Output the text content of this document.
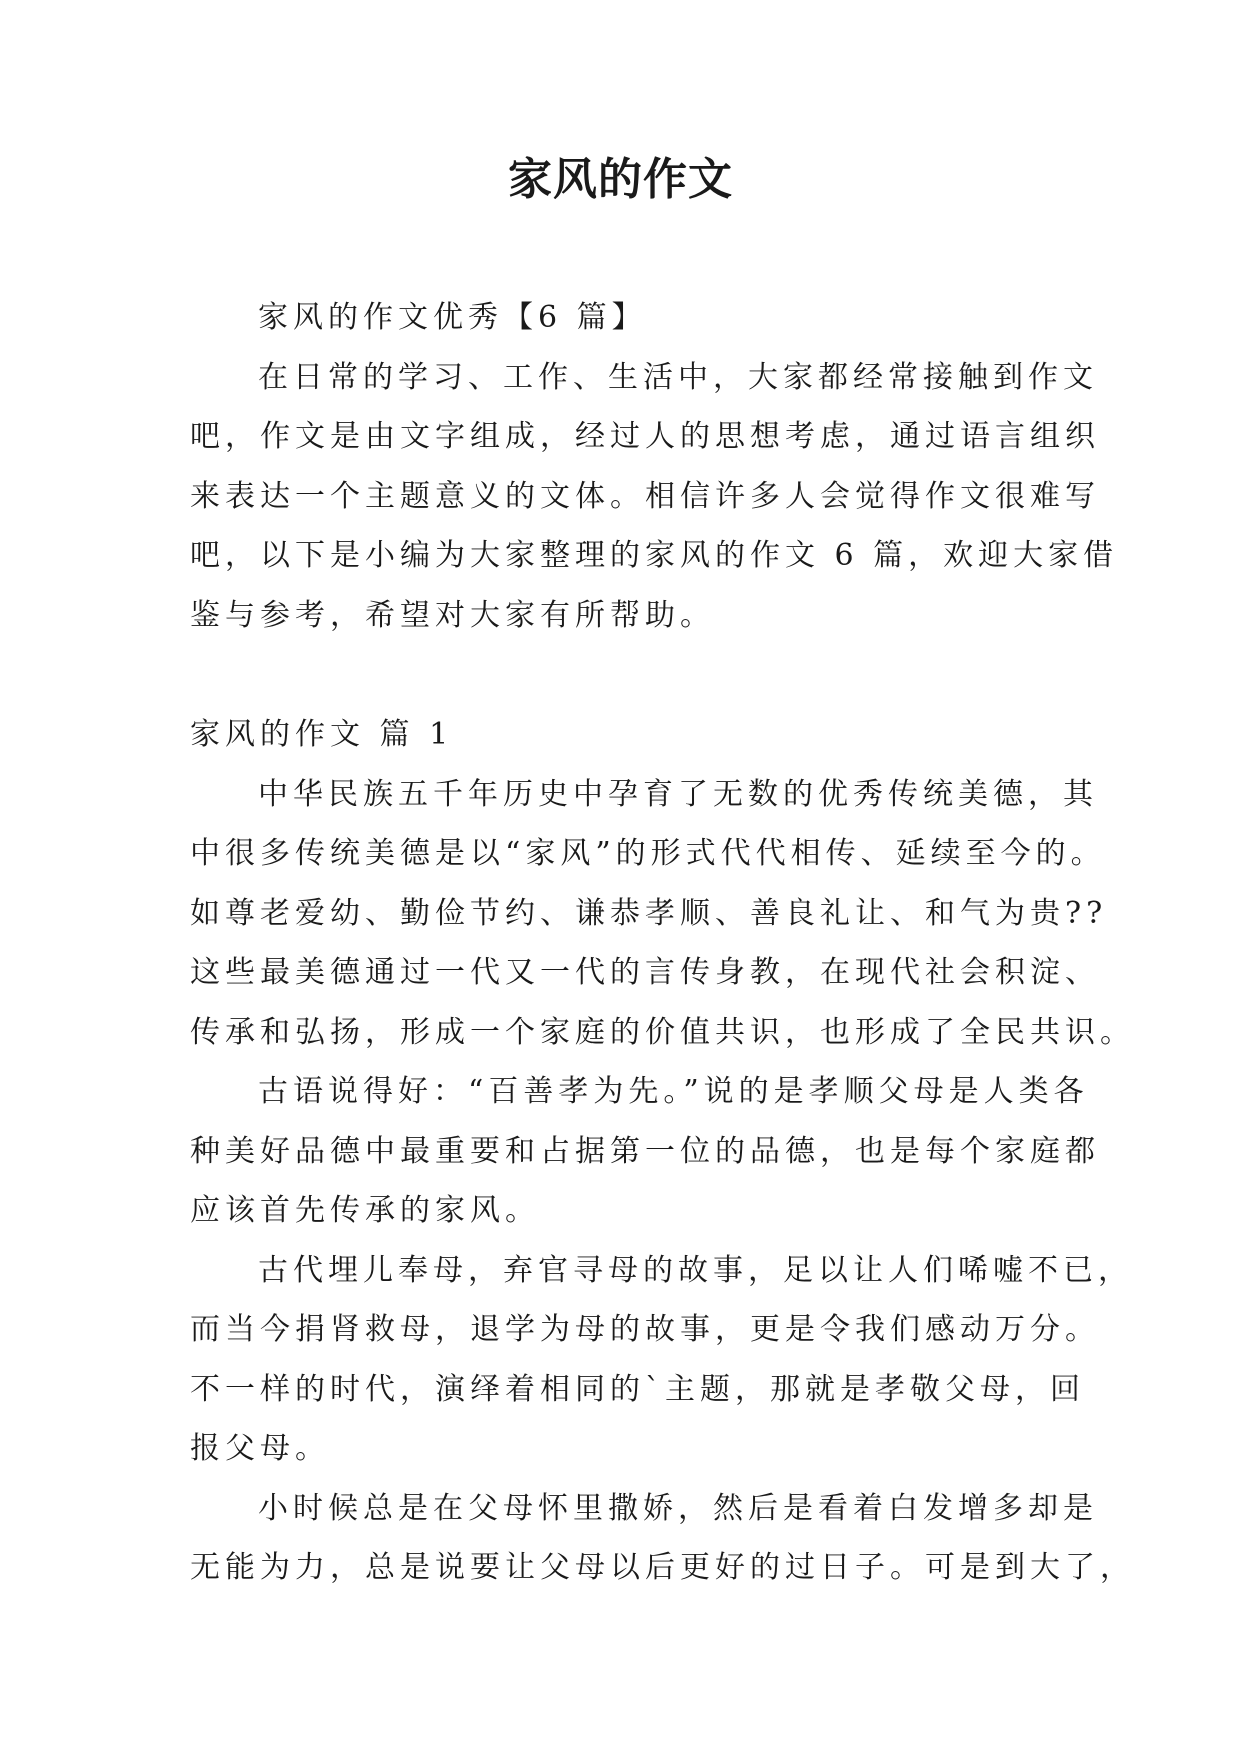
家风的作文
家风的作文优秀【6 篇】
在日常的学习、工作、生活中，大家都经常接触到作文
吧，作文是由文字组成，经过人的思想考虑，通过语言组织
来表达一个主题意义的文体。相信许多人会觉得作文很难写
吧，以下是小编为大家整理的家风的作文 6 篇，欢迎大家借
鉴与参考，希望对大家有所帮助。
家风的作文 篇 1
中华民族五千年历史中孕育了无数的优秀传统美德，其
中很多传统美德是以“家风”的形式代代相传、延续至今的。
如尊老爱幼、勤俭节约、谦恭孝顺、善良礼让、和气为贵??
这些最美德通过一代又一代的言传身教，在现代社会积淀、
传承和弘扬，形成一个家庭的价值共识，也形成了全民共识。
古语说得好：“百善孝为先。”说的是孝顺父母是人类各
种美好品德中最重要和占据第一位的品德，也是每个家庭都
应该首先传承的家风。
古代埋儿奉母，弃官寻母的故事，足以让人们唏嘘不已，
而当今捐肾救母，退学为母的故事，更是令我们感动万分。
不一样的时代，演绎着相同的`主题，那就是孝敬父母，回
报父母。
小时候总是在父母怀里撒娇，然后是看着白发增多却是
无能为力，总是说要让父母以后更好的过日子。可是到大了，
